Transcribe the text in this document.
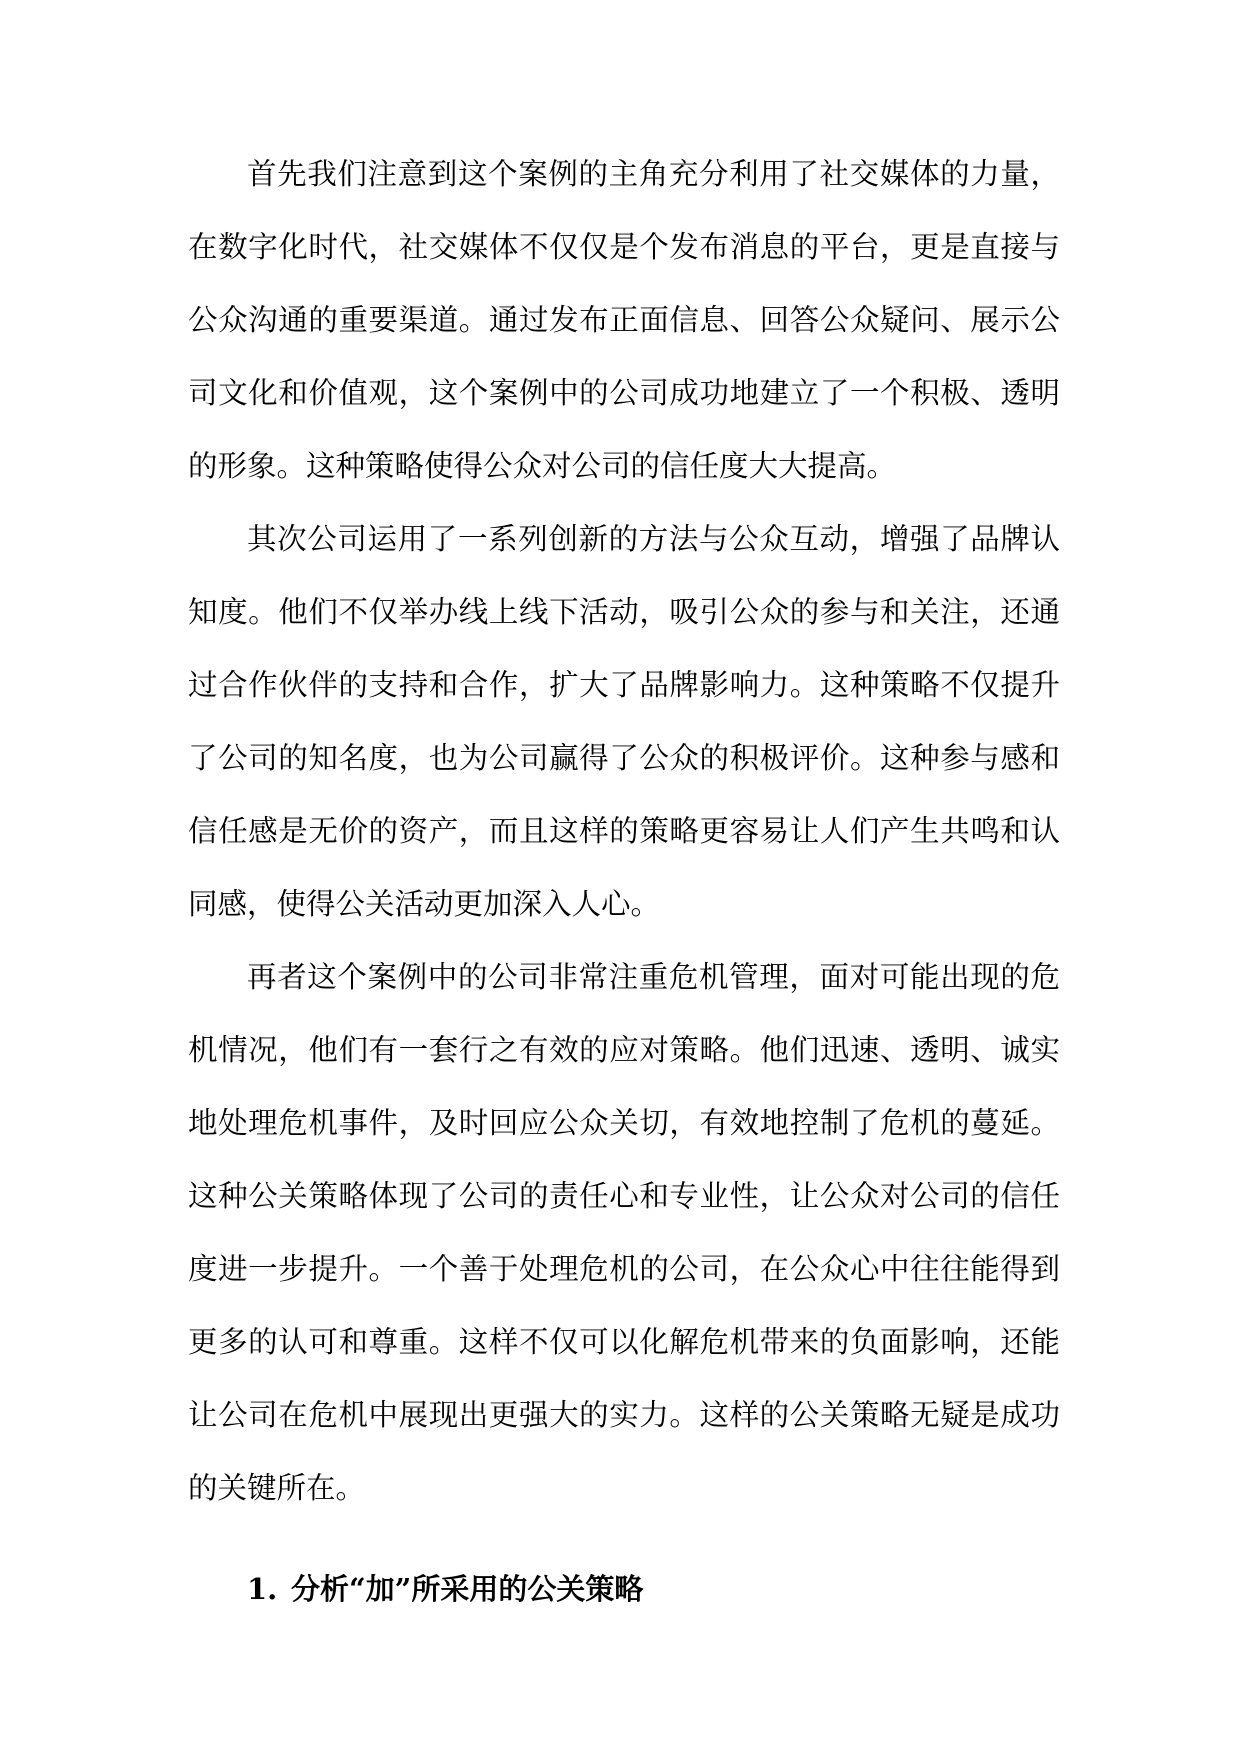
首先我们注意到这个案例的主角充分利用了社交媒体的力量，在数字化时代，社交媒体不仅仅是个发布消息的平台，更是直接与公众沟通的重要渠道。通过发布正面信息、回答公众疑问、展示公司文化和价值观，这个案例中的公司成功地建立了一个积极、透明的形象。这种策略使得公众对公司的信任度大大提高。

其次公司运用了一系列创新的方法与公众互动，增强了品牌认知度。他们不仅举办线上线下活动，吸引公众的参与和关注，还通过合作伙伴的支持和合作，扩大了品牌影响力。这种策略不仅提升了公司的知名度，也为公司赢得了公众的积极评价。这种参与感和信任感是无价的资产，而且这样的策略更容易让人们产生共鸣和认同感，使得公关活动更加深入人心。

再者这个案例中的公司非常注重危机管理，面对可能出现的危机情况，他们有一套行之有效的应对策略。他们迅速、透明、诚实地处理危机事件，及时回应公众关切，有效地控制了危机的蔓延。这种公关策略体现了公司的责任心和专业性，让公众对公司的信任度进一步提升。一个善于处理危机的公司，在公众心中往往能得到更多的认可和尊重。这样不仅可以化解危机带来的负面影响，还能让公司在危机中展现出更强大的实力。这样的公关策略无疑是成功的关键所在。

1. 分析“加”所采用的公关策略
